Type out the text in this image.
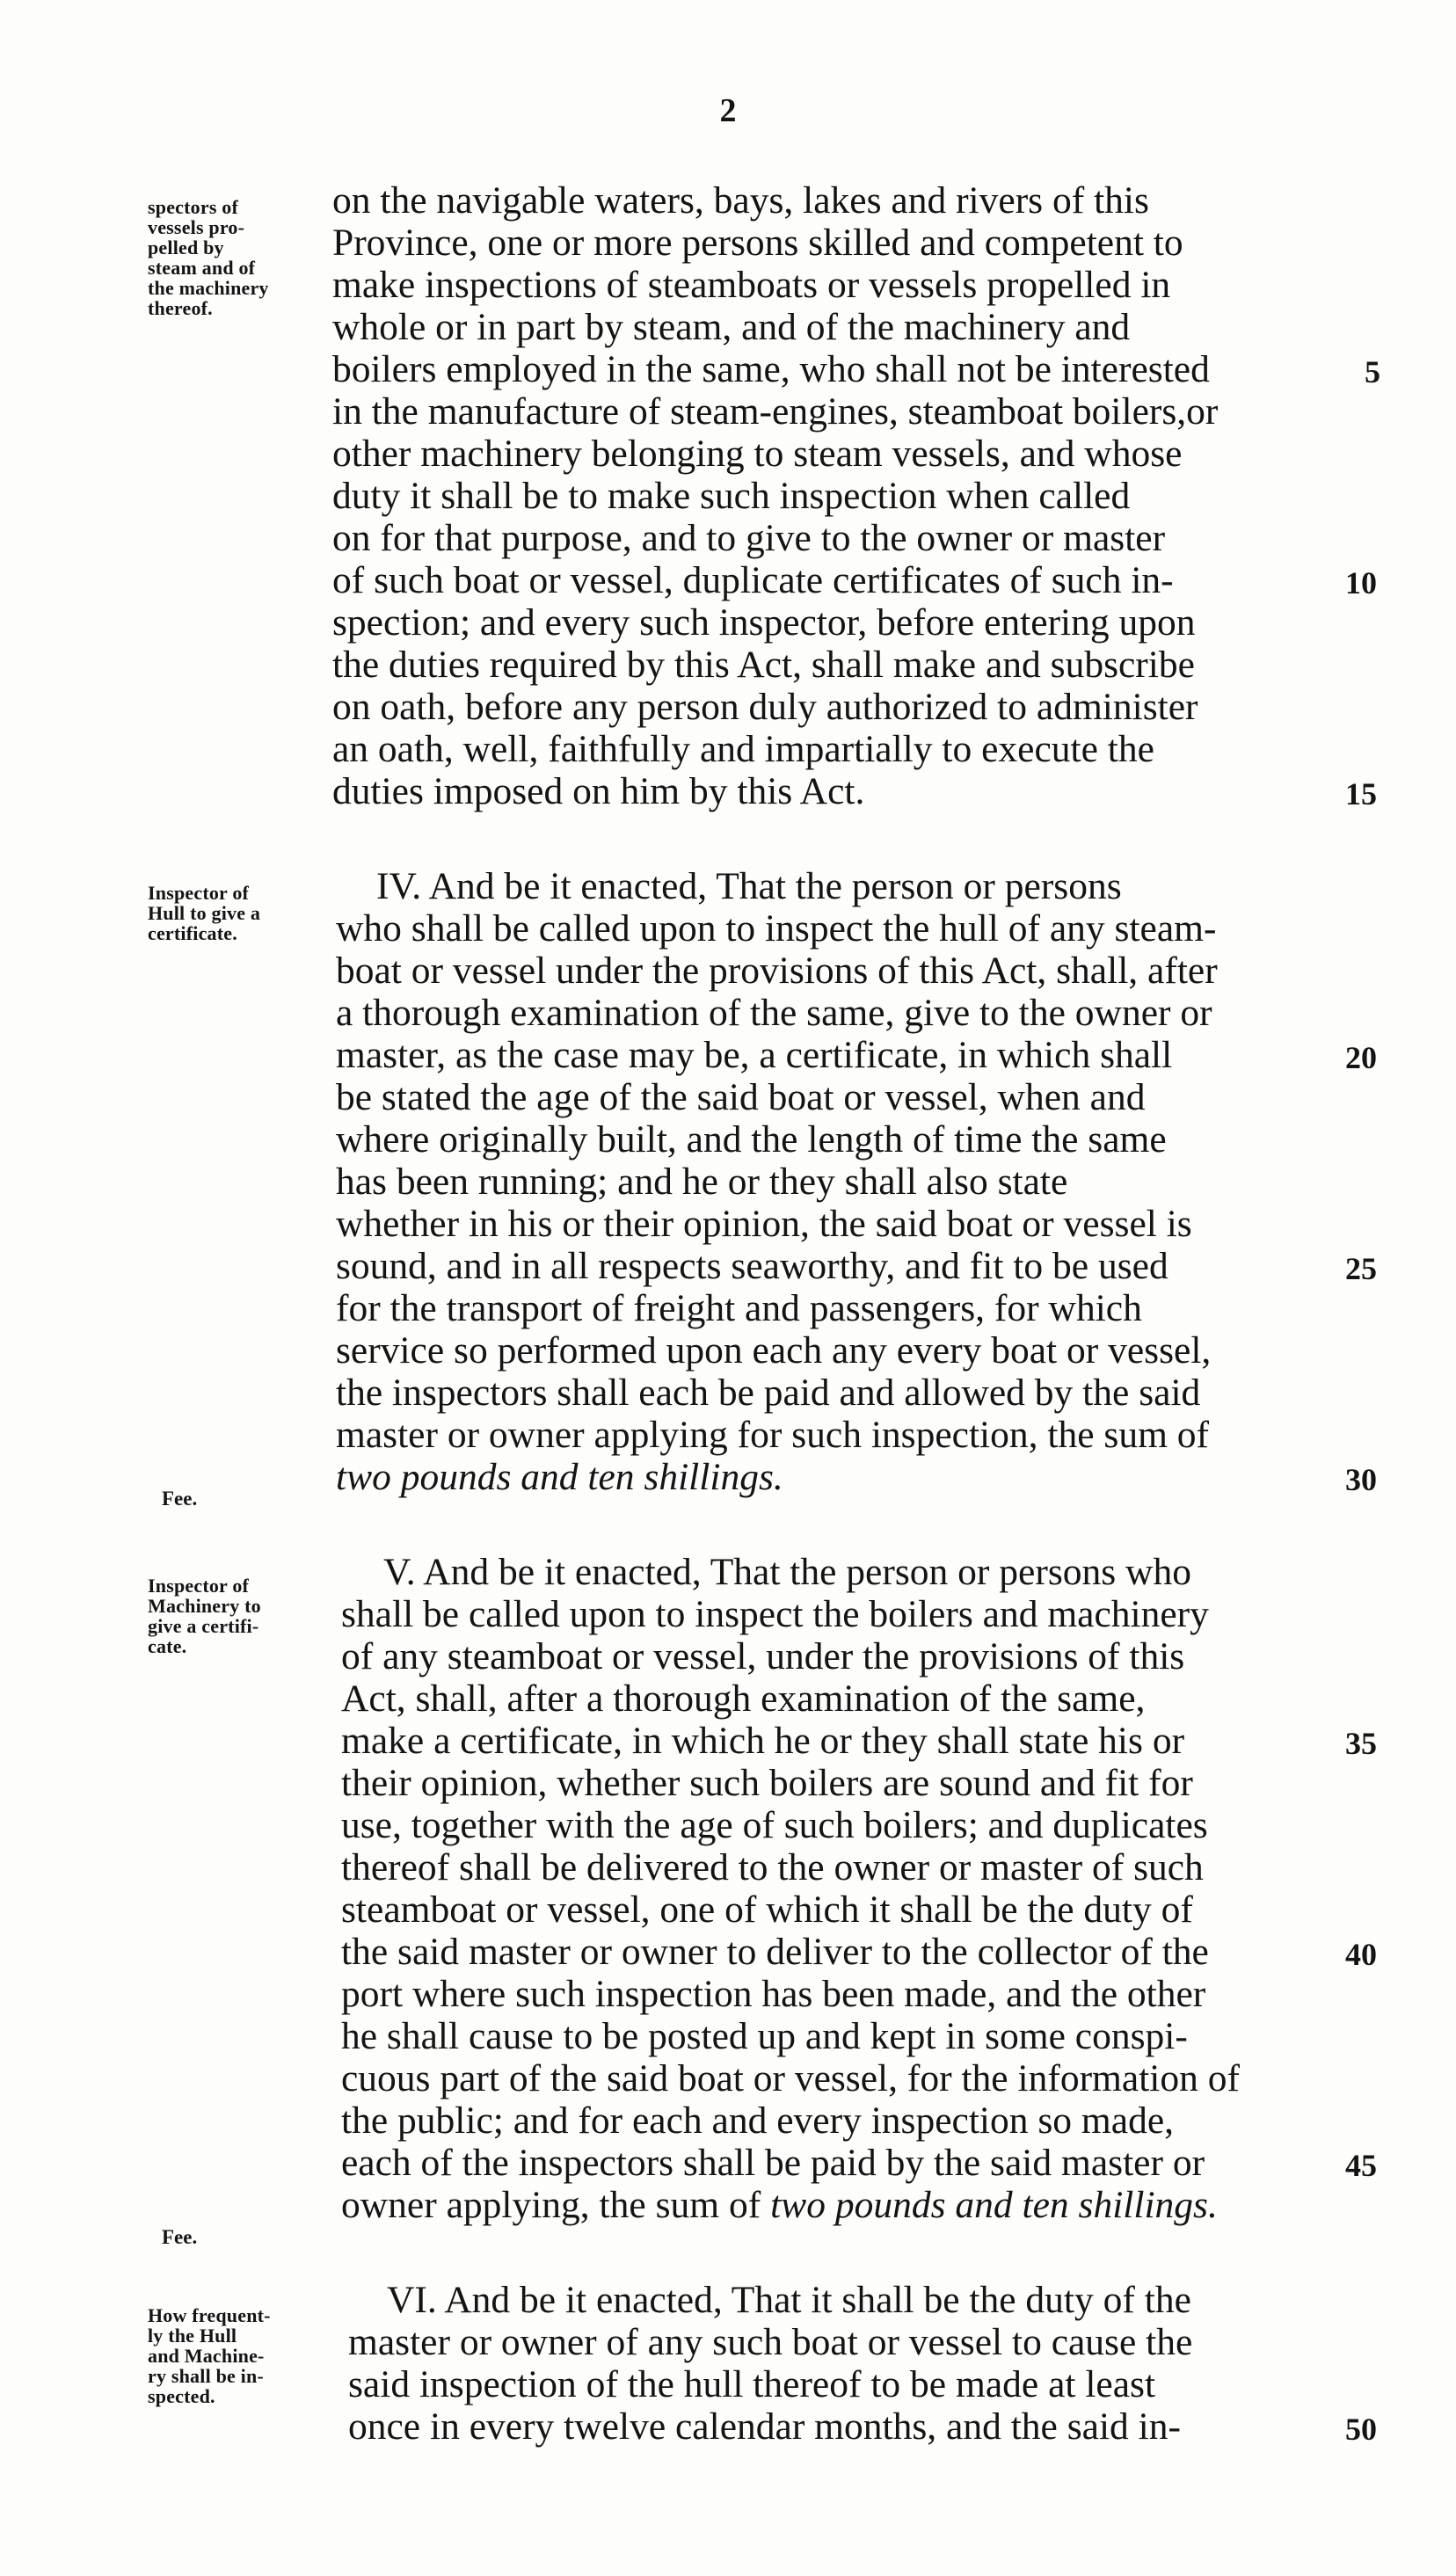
2
spectors of
vessels pro-
pelled by
steam and of
the machinery
thereof.
Inspector of
Hull to give a
certificate.
Fee.
Inspector of
Machinery to
give a certifi-
cate.
Fee.
How frequent-
ly the Hull
and Machine-
ry shall be in-
spected.
on the navigable waters, bays, lakes and rivers of this
Province, one or more persons skilled and competent to
make inspections of steamboats or vessels propelled in
whole or in part by steam, and of the machinery and
boilers employed in the same, who shall not be interested
in the manufacture of steam-engines, steamboat boilers,or
other machinery belonging to steam vessels, and whose
duty it shall be to make such inspection when called
on for that purpose, and to give to the owner or master
of such boat or vessel, duplicate certificates of such in-
spection; and every such inspector, before entering upon
the duties required by this Act, shall make and subscribe
on oath, before any person duly authorized to administer
an oath, well, faithfully and impartially to execute the
duties imposed on him by this Act.
IV. And be it enacted, That the person or persons
who shall be called upon to inspect the hull of any steam-
boat or vessel under the provisions of this Act, shall, after
a thorough examination of the same, give to the owner or
master, as the case may be, a certificate, in which shall
be stated the age of the said boat or vessel, when and
where originally built, and the length of time the same
has been running; and he or they shall also state
whether in his or their opinion, the said boat or vessel is
sound, and in all respects seaworthy, and fit to be used
for the transport of freight and passengers, for which
service so performed upon each any every boat or vessel,
the inspectors shall each be paid and allowed by the said
master or owner applying for such inspection, the sum of
two pounds and ten shillings.
V. And be it enacted, That the person or persons who
shall be called upon to inspect the boilers and machinery
of any steamboat or vessel, under the provisions of this
Act, shall, after a thorough examination of the same,
make a certificate, in which he or they shall state his or
their opinion, whether such boilers are sound and fit for
use, together with the age of such boilers; and duplicates
thereof shall be delivered to the owner or master of such
steamboat or vessel, one of which it shall be the duty of
the said master or owner to deliver to the collector of the
port where such inspection has been made, and the other
he shall cause to be posted up and kept in some conspi-
cuous part of the said boat or vessel, for the information of
the public; and for each and every inspection so made,
each of the inspectors shall be paid by the said master or
owner applying, the sum of two pounds and ten shillings.
VI. And be it enacted, That it shall be the duty of the
master or owner of any such boat or vessel to cause the
said inspection of the hull thereof to be made at least
once in every twelve calendar months, and the said in-
5
10
15
20
25
30
35
40
45
50
